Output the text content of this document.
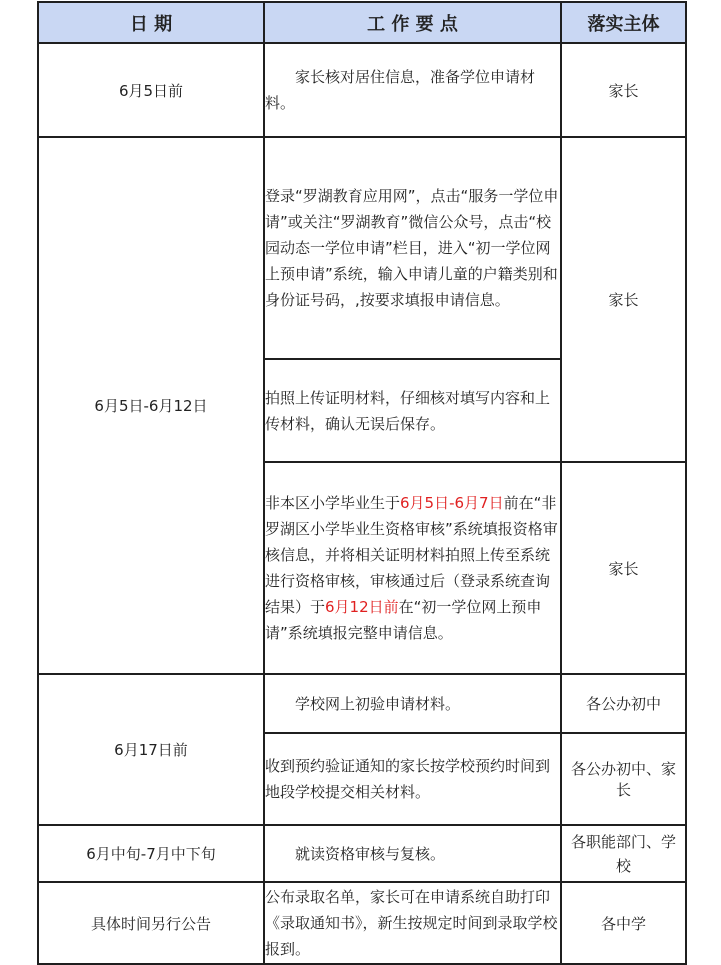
日 期	工 作 要 点	落实主体
6月5日前	家长核对居住信息，准备学位申请材料。	家长
6月5日-6月12日	登录“罗湖教育应用网”，点击“服务一学位申请”或关注“罗湖教育”微信公众号，点击“校园动态一学位申请”栏目，进入“初一学位网上预申请”系统，输入申请儿童的户籍类别和身份证号码，,按要求填报申请信息。	家长

	拍照上传证明材料，仔细核对填写内容和上传材料，确认无误后保存。	

	非本区小学毕业生于6月5日-6月7日前在“非罗湖区小学毕业生资格审核”系统填报资格审核信息，并将相关证明材料拍照上传至系统进行资格审核，审核通过后（登录系统查询结果）于6月12日前在“初一学位网上预申请”系统填报完整申请信息。	家长
6月17日前	学校网上初验申请材料。	各公办初中

	收到预约验证通知的家长按学校预约时间到地段学校提交相关材料。	各公办初中、家长
6月中旬-7月中下旬	就读资格审核与复核。	各职能部门、学校
具体时间另行公告	公布录取名单，家长可在申请系统自助打印《录取通知书》，新生按规定时间到录取学校报到。	各中学
